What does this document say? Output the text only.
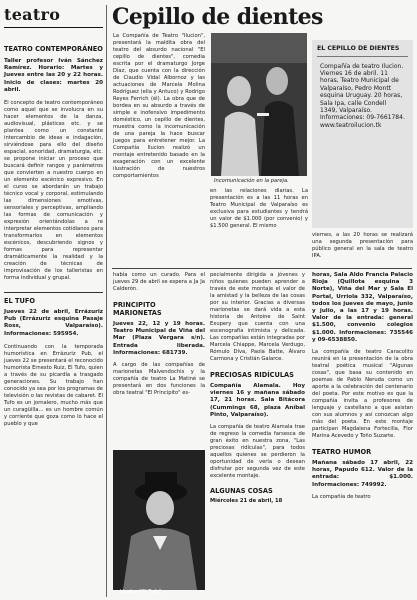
teatro
TEATRO CONTEMPORÁNEO
Taller profesor Iván Sánchez Ramírez. Horario: Martes y Jueves entre las 20 y 22 horas. Inicio de clases: martes 20 abril.
El concepto de teatro contemporáneo como aquel que se involucra en su hacer elementos de la danza, audiovisual, plásticas etc. y se plantea como un constante intercambio de ideas e indagación, sirviéndose para ello del diseño espacial, sonoridad, dramaturgia, etc. se propone iniciar un proceso que buscará definir rangos y parámetros que convierten a nuestro cuerpo en un elemento escénico expresivo. En el curso se abordarán un trabajo técnico vocal y corporal, estimulando las dimensiones emotivas, sensoriales y perceptivas, ampliando las formas de comunicación y expresión orientándolas a re interpretar elementos cotidianos para transformarlos en elementos escénicos, descubriendo signos y formas para representar dramáticamente la realidad y la creación de técnicas de improvisación de los talleristas en forma individual y grupal.
EL TUFO
Jueves 22 de abril, Errázuriz Pub (Errázuriz esquina Pasaje Ross, Valparaíso). Informaciones: 595954.
Continuando con la temporada humorística en Errázuriz Pub, el jueves 22 se presentará el reconocido humorista Ernesto Ruiz, El Tufo, quien a través de su picardía a trasgado generaciones. Su trabajo han conocido ya sea por los programas de televisión o las revistas de cabaret. El Tufo es un jornalero, mucho más que un curagüilla... es un hombre común y corriente que goza como lo hace el pueblo y que
Cepillo de dientes
La Compañía de Teatro "Ilucion", presentará la maldita obra del teatro del absurdo nacional "El cepillo de dientes", comedia escrita por el dramaturgo Jorge Díaz, que cuenta con la dirección de Claudio Vidal Albornoz y las actuaciones de Marcela Molina Rodríguez (ella y Antuco) y Rodrigo Reyes Ferrich (él). La obra que de bordea en su absurdo a través de simple e inofensivo impedimento doméstico, un cepillo de dientes, muestra como la incomunicación de una pareja la hace buscar juegos para entretener mejor. La Compañía Ilucion realizó un montaje entretenido basado en la exageración con un excelente ilustración de nuestros comportamientos
Incomunicación en la pareja.
en las relaciones diarias. La presentación es a las 11 horas en Teatro Municipal de Valparaíso es exclusiva para estudiantes y tendrá un valor de $1.000 (por convenio) y $1.500 general. El mismo
EL CEPILLO DE DIENTES
Compañía de teatro Ilucion. Viernes 16 de abril. 11 horas, Teatro Municipal de Valparaíso, Pedro Montt esquina Uruguay. 20 horas, Sala Ipa, calle Condell 1349, Valparaíso. Informaciones: 09-7661784. www.teatroilucion.tk
viernes, a las 20 horas se realizará una segunda presentación para público general en la sala de teatro IPA.
había como un curado. Para el jueves 29 de abril se espera a Ja Ja Calderón.
PRINCIPITO MARIONETAS
Jueves 22, 12 y 19 horas. Teatro Municipal de Viña del Mar (Plaza Vergara s/n). Entrada liberada. Informaciones: 681739.
A cargo de las compañías de marionetas Malvendochis y la compañía de teatro La Matiné se presentará en dos funciones la obra teatral "El Principito" es-
Vuelve "El Tufo".
pecialmente dirigida a jóvenes y niños quienes pueden aprender a través de este montaje el valor de la amistad y la belleza de las cosas por su interior. Gracias a diversas marionetas se dará vida a esta historia de Antoine de Saint Exupery que cuenta con una escenografía intimista y delicada. Las compañías están integradas por Marcela Chiappe, Marcela Verdugo, Rómulo Díva, Paola Batte, Álvaro Carmona y Cristián Galarce.
PRECIOSAS RIDÍCULAS
Compañía Alamala. Hoy viernes 16 y mañana sábado 17, 21 horas. Sala Bitácora (Cummings 68, plaza Aníbal Pinto, Valparaíso).
La compañía de teatro Alamala trae de regreso la comedia farsesca de gran éxito en nuestra zona, "Las preciosas ridículas", para todos aquellos quienes se perdieron la oportunidad de verla o desean disfrutar por segunda vez de este excelente montaje.
ALGUNAS COSAS
Miércoles 21 de abril, 18
horas, Sala Aldo Francia Palacio Rioja (Quillota esquina 3 Norte), Viña del Mar y Sala El Portal, Urriola 332, Valparaíso, todos los jueves de mayo, junio y julio, a las 17 y 19 horas. Valor de la entrada: general $1.500, convenio colegios $1.000. Informaciones: 735546 y 09-6538850.
La compañía de teatro Caracolito reunirá en la presentación de la obra teatral poética musical "Algunas cosas", que basa su contenido en poemas de Pablo Neruda como un aporte a la celebración del centenario del poeta. Por este motivo es que la compañía invita a profesores de lenguaje y castellano a que asistan con sus alumnos y así conozcan algo más del poeta. En este montaje participan Magdalena Fortecilla, Flor Marina Acevedo y Toño Suzarte.
TEATRO HUMOR
Mañana sábado 17 abril, 22 horas, Papudo 612. Valor de la entrada: $1.000. Informaciones: 749992.
La compañía de teatro
